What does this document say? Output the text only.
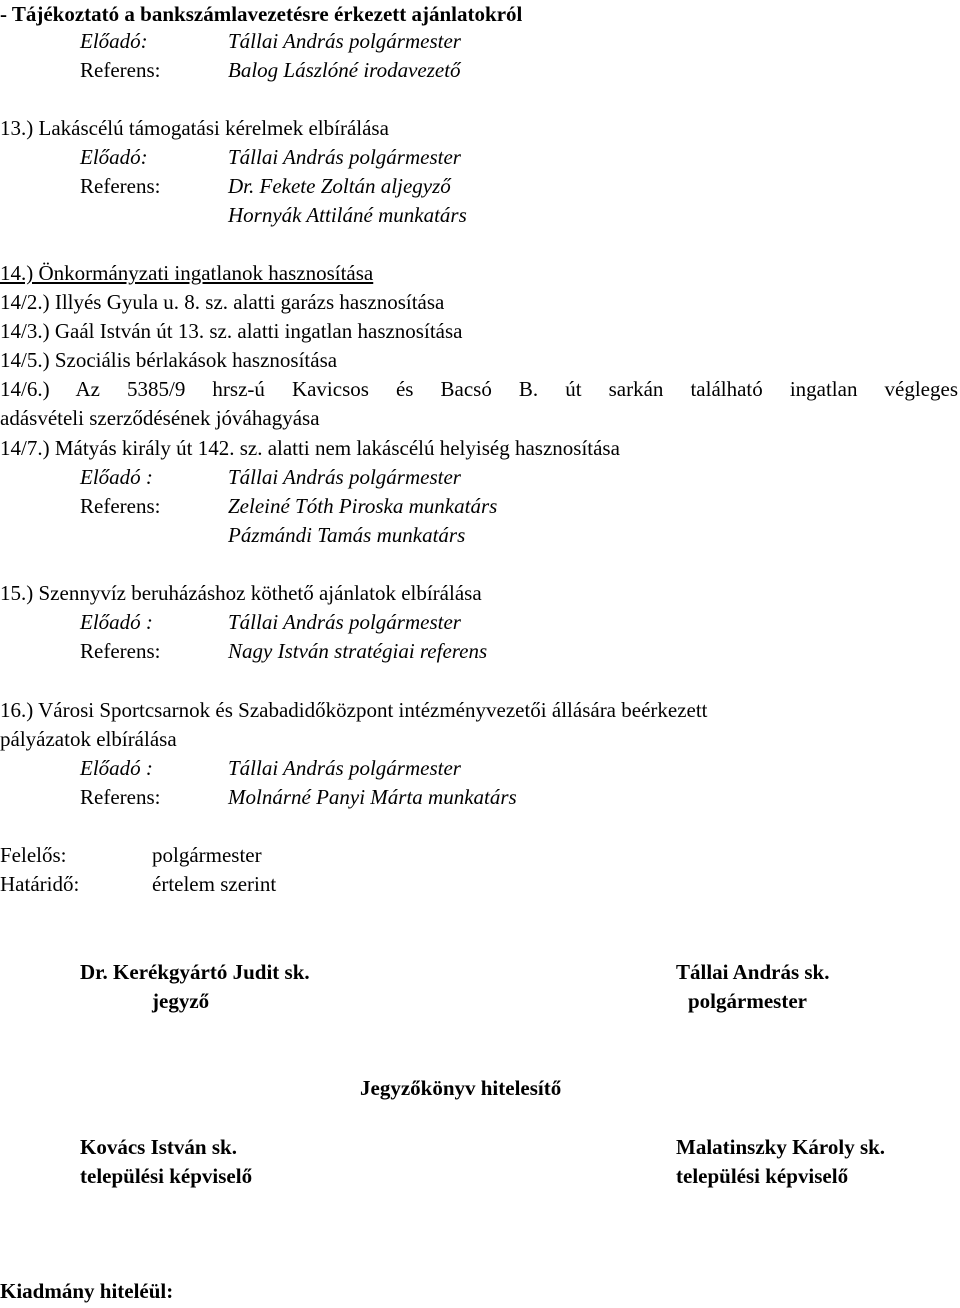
- Tájékoztató a bankszámlavezetésre érkezett ajánlatokról
Előadó:	Tállai András polgármester
Referens:	Balog Lászlóné irodavezető
13.) Lakáscélú támogatási kérelmek elbírálása
Előadó:	Tállai András polgármester
Referens:	Dr. Fekete Zoltán aljegyző
Hornyák Attiláné munkatárs
14.) Önkormányzati ingatlanok hasznosítása
14/2.) Illyés Gyula u. 8. sz. alatti garázs hasznosítása
14/3.) Gaál István út 13. sz. alatti ingatlan hasznosítása
14/5.) Szociális bérlakások hasznosítása
14/6.) Az 5385/9 hrsz-ú Kavicsos és Bacsó B. út sarkán található ingatlan végleges
adásvételi szerződésének jóváhagyása
14/7.) Mátyás király út 142. sz. alatti nem lakáscélú helyiség hasznosítása
Előadó :	Tállai András polgármester
Referens:	Zeleiné Tóth Piroska munkatárs
Pázmándi Tamás munkatárs
15.) Szennyvíz beruházáshoz köthető ajánlatok elbírálása
Előadó :	Tállai András polgármester
Referens:	Nagy István stratégiai referens
16.) Városi Sportcsarnok és Szabadidőközpont intézményvezetői állására beérkezett
pályázatok elbírálása
Előadó :	Tállai András polgármester
Referens:	Molnárné Panyi Márta munkatárs
Felelős:	polgármester
Határidő:	értelem szerint
Dr. Kerékgyártó Judit sk.
jegyző
Tállai András sk.
polgármester
Jegyzőkönyv hitelesítő
Kovács István sk.
települési képviselő
Malatinszky Károly sk.
települési képviselő
Kiadmány hiteléül:
